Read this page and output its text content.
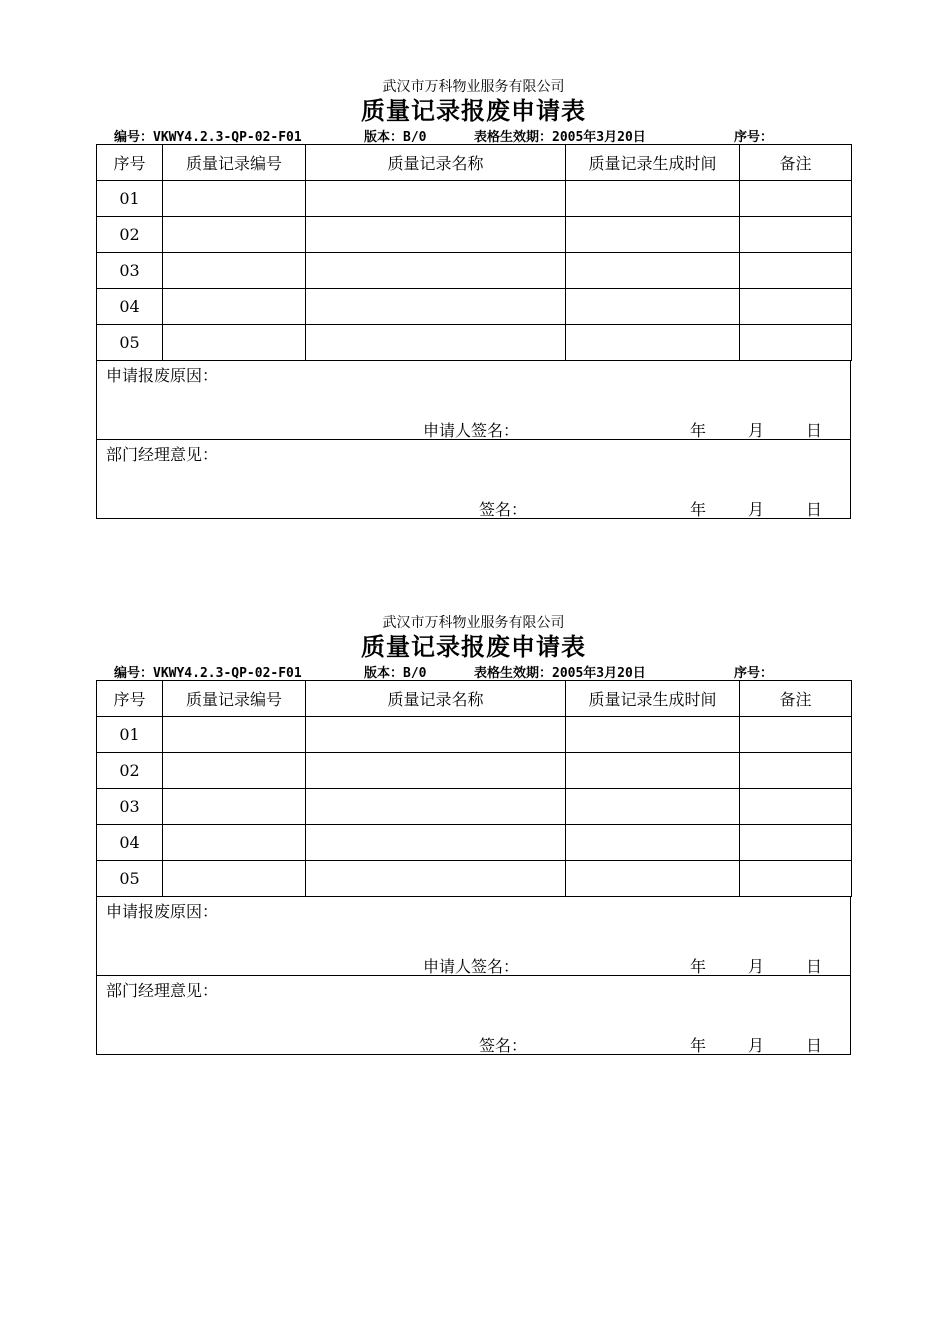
武汉市万科物业服务有限公司
质量记录报废申请表
编号：VKWY4.2.3-QP-02-F01	版本：B/0	表格生效期：2005年3月20日	序号：
序号	质量记录编号	质量记录名称	质量记录生成时间	备注
01				
02				
03				
04				
05				
申请报废原因：
申请人签名：	年	月	日
部门经理意见：
签名：	年	月	日
武汉市万科物业服务有限公司
质量记录报废申请表
编号：VKWY4.2.3-QP-02-F01	版本：B/0	表格生效期：2005年3月20日	序号：
序号	质量记录编号	质量记录名称	质量记录生成时间	备注
01				
02				
03				
04				
05				
申请报废原因：
申请人签名：	年	月	日
部门经理意见：
签名：	年	月	日
